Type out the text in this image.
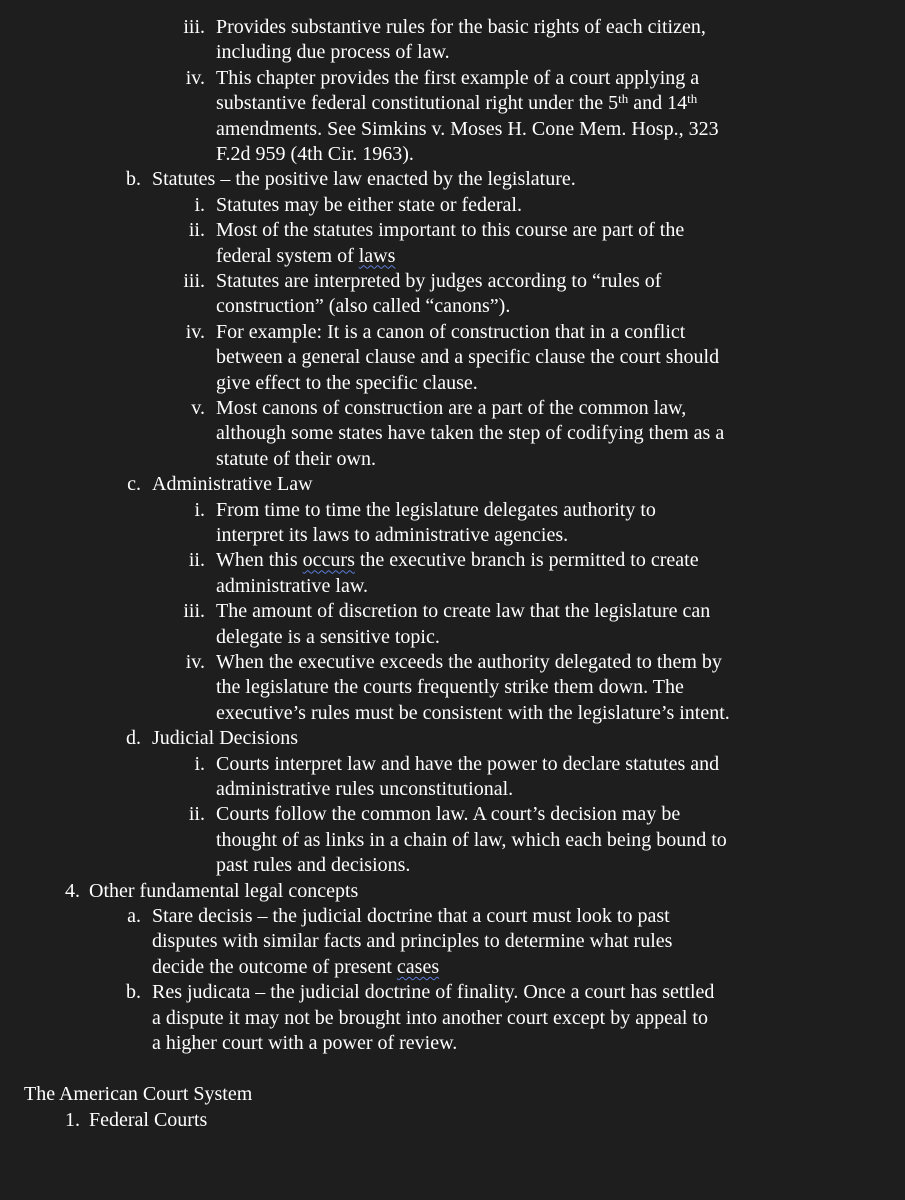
iii. Provides substantive rules for the basic rights of each citizen,
including due process of law.
iv. This chapter provides the first example of a court applying a
substantive federal constitutional right under the 5th and 14th
amendments. See Simkins v. Moses H. Cone Mem. Hosp., 323
F.2d 959 (4th Cir. 1963).
b. Statutes – the positive law enacted by the legislature.
i. Statutes may be either state or federal.
ii. Most of the statutes important to this course are part of the
federal system of laws
iii. Statutes are interpreted by judges according to “rules of
construction” (also called “canons”).
iv. For example: It is a canon of construction that in a conflict
between a general clause and a specific clause the court should
give effect to the specific clause.
v. Most canons of construction are a part of the common law,
although some states have taken the step of codifying them as a
statute of their own.
c. Administrative Law
i. From time to time the legislature delegates authority to
interpret its laws to administrative agencies.
ii. When this occurs the executive branch is permitted to create
administrative law.
iii. The amount of discretion to create law that the legislature can
delegate is a sensitive topic.
iv. When the executive exceeds the authority delegated to them by
the legislature the courts frequently strike them down. The
executive’s rules must be consistent with the legislature’s intent.
d. Judicial Decisions
i. Courts interpret law and have the power to declare statutes and
administrative rules unconstitutional.
ii. Courts follow the common law. A court’s decision may be
thought of as links in a chain of law, which each being bound to
past rules and decisions.
4. Other fundamental legal concepts
a. Stare decisis – the judicial doctrine that a court must look to past
disputes with similar facts and principles to determine what rules
decide the outcome of present cases
b. Res judicata – the judicial doctrine of finality. Once a court has settled
a dispute it may not be brought into another court except by appeal to
a higher court with a power of review.
The American Court System
1. Federal Courts
